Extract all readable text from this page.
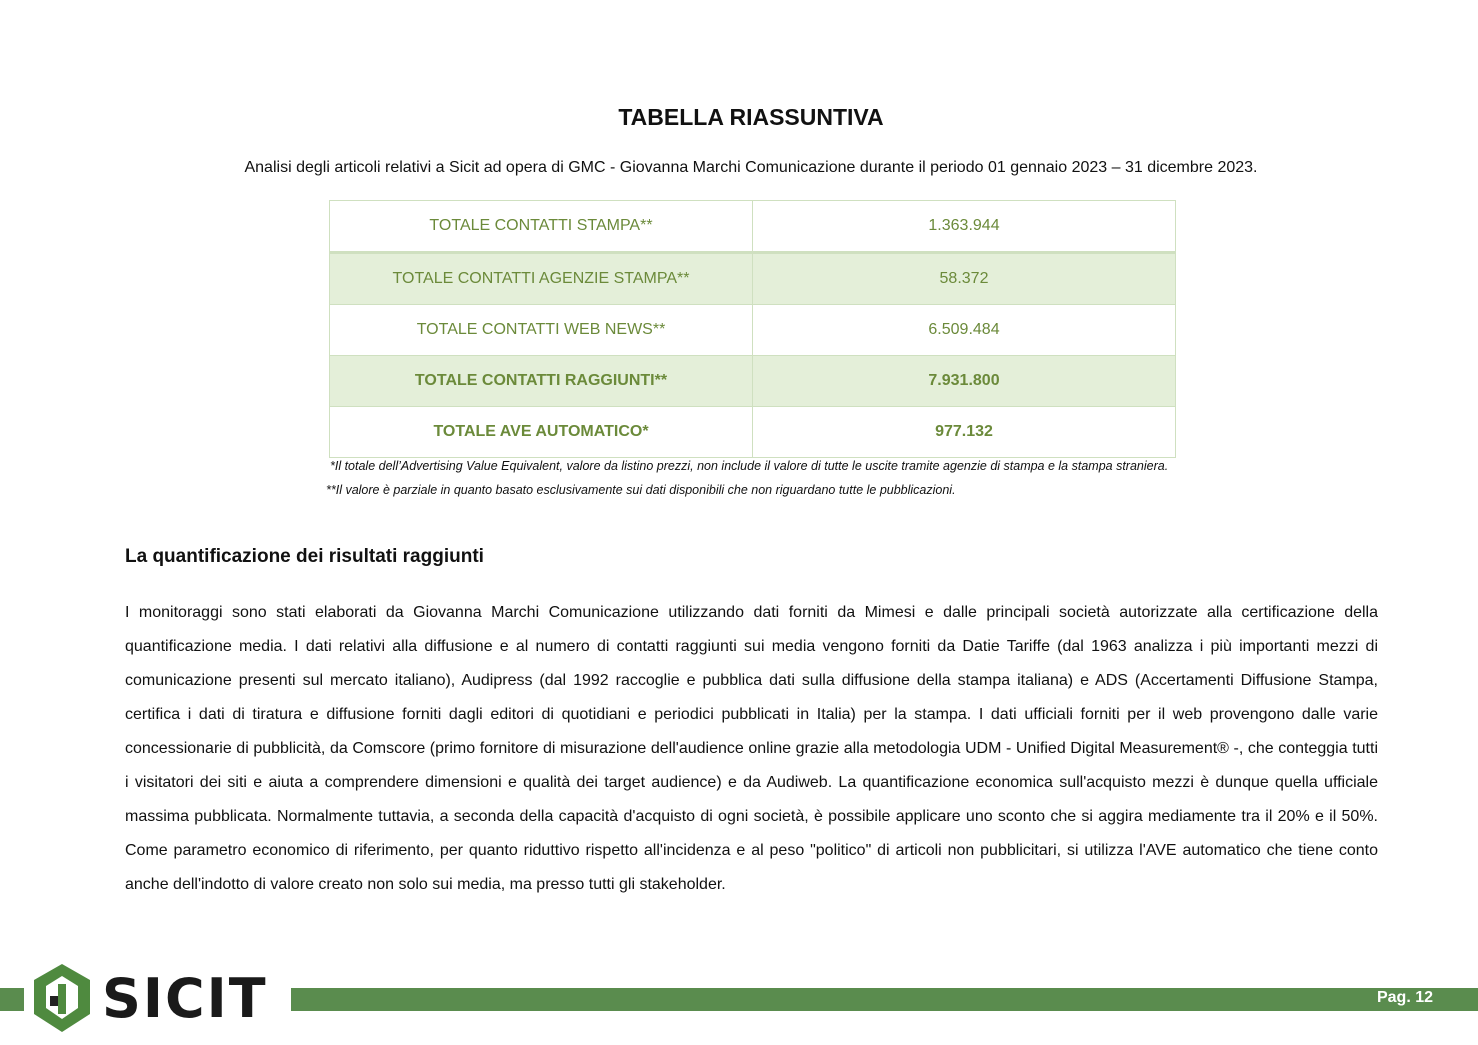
TABELLA RIASSUNTIVA
Analisi degli articoli relativi a Sicit ad opera di GMC - Giovanna Marchi Comunicazione durante il periodo 01 gennaio 2023 – 31 dicembre 2023.
TOTALE CONTATTI STAMPA**	1.363.944
TOTALE CONTATTI AGENZIE STAMPA**	58.372
TOTALE CONTATTI WEB NEWS**	6.509.484
TOTALE CONTATTI RAGGIUNTI**	7.931.800
TOTALE AVE AUTOMATICO*	977.132
*Il totale dell’Advertising Value Equivalent, valore da listino prezzi, non include il valore di tutte le uscite tramite agenzie di stampa e la stampa straniera.
**Il valore è parziale in quanto basato esclusivamente sui dati disponibili che non riguardano tutte le pubblicazioni.
La quantificazione dei risultati raggiunti
I monitoraggi sono stati elaborati da Giovanna Marchi Comunicazione utilizzando dati forniti da Mimesi e dalle principali società autorizzate alla certificazione della quantificazione media. I dati relativi alla diffusione e al numero di contatti raggiunti sui media vengono forniti da Datie Tariffe (dal 1963 analizza i più importanti mezzi di comunicazione presenti sul mercato italiano), Audipress (dal 1992 raccoglie e pubblica dati sulla diffusione della stampa italiana) e ADS (Accertamenti Diffusione Stampa, certifica i dati di tiratura e diffusione forniti dagli editori di quotidiani e periodici pubblicati in Italia) per la stampa. I dati ufficiali forniti per il web provengono dalle varie concessionarie di pubblicità, da Comscore (primo fornitore di misurazione dell'audience online grazie alla metodologia UDM - Unified Digital Measurement® -, che conteggia tutti i visitatori dei siti e aiuta a comprendere dimensioni e qualità dei target audience) e da Audiweb. La quantificazione economica sull'acquisto mezzi è dunque quella ufficiale massima pubblicata. Normalmente tuttavia, a seconda della capacità d'acquisto di ogni società, è possibile applicare uno sconto che si aggira mediamente tra il 20% e il 50%. Come parametro economico di riferimento, per quanto riduttivo rispetto all'incidenza e al peso "politico" di articoli non pubblicitari, si utilizza l'AVE automatico che tiene conto anche dell'indotto di valore creato non solo sui media, ma presso tutti gli stakeholder.
SICIT	Pag. 12
